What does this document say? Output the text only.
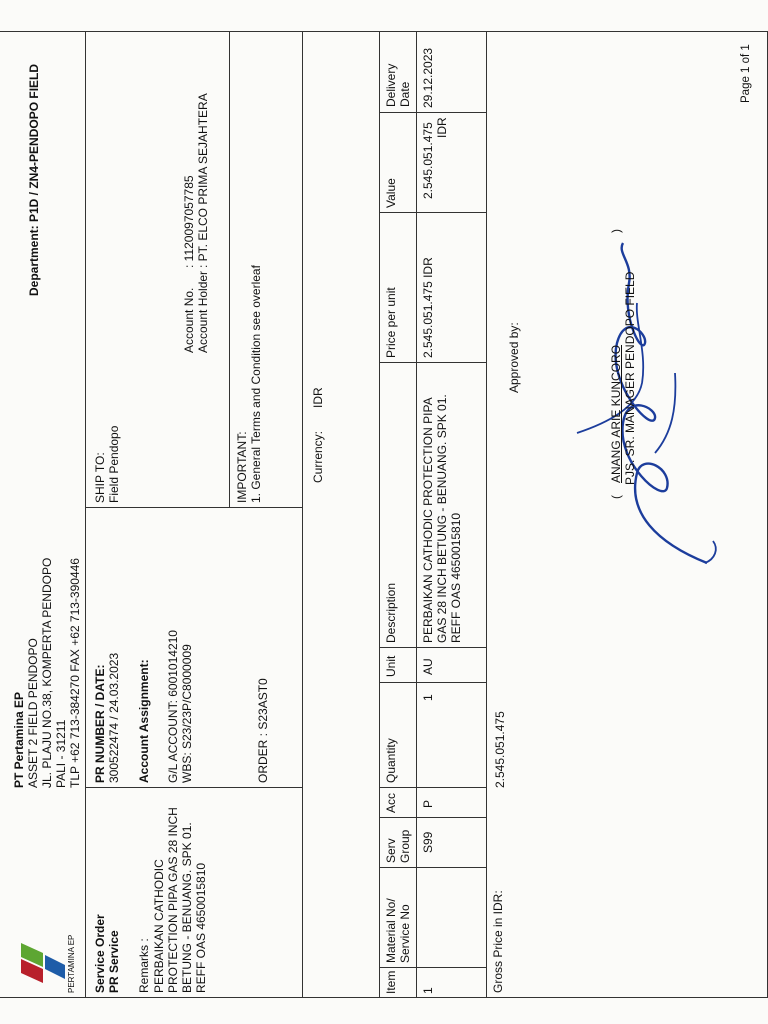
PERTAMINA EP
PT Pertamina EP ASSET 2 FIELD PENDOPO JL. PLAJU NO.38, KOMPERTA PENDOPO PALI - 31211 TLP +62 713-384270 FAX +62 713-390446
Department: P1D / ZN4-PENDOPO FIELD
Service Order PR Service Remarks : PERBAIKAN CATHODIC PROTECTION PIPA GAS 28 INCH BETUNG - BENUANG. SPK 01. REFF OAS 4650015810
PR NUMBER / DATE: 300522474 / 24.03.2023 Account Assignment: G/L ACCOUNT: 6001014210 WBS: S23/23P/C8000009	ORDER : S23AST0
SHIP TO: Field Pendopo
Account No.
: 1120097057785
Account Holder
: PT. ELCO PRIMA SEJAHTERA
IMPORTANT: 1. General Terms and Condition see overleaf	Currency:
IDR
Item
Material No/ Service No
Serv Group
Acc
Quantity
Unit
Description
Price per unit
Value
Delivery Date
1
S99
P
1
AU
PERBAIKAN CATHODIC PROTECTION PIPA GAS 28 INCH BETUNG - BENUANG. SPK 01. REFF OAS 4650015810
2.545.051.475 IDR
2.545.051.475 IDR
29.12.2023
Gross Price in IDR:
2.545.051.475
Approved by:
(
ANANG ARIE KUNCORO
)
PJS. SR. MANAGER PENDOPO FIELD
Page 1 of 1
